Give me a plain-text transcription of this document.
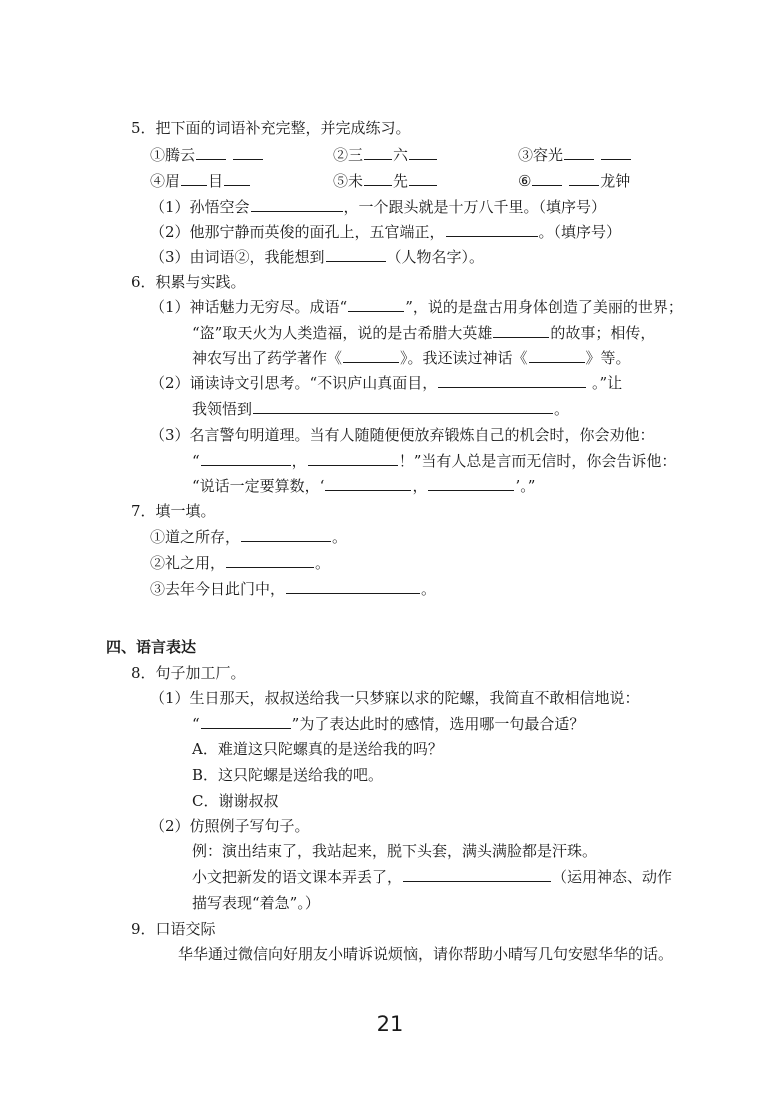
5．把下面的词语补充完整，并完成练习。
①腾云	②三 六	③容光
④眉 目	⑤未 先	⑥	龙钟
（1）孙悟空会	，一个跟头就是十万八千里。（填序号）
（2）他那宁静而英俊的面孔上，五官端正，	。（填序号）
（3）由词语②，我能想到	（人物名字）。
6．积累与实践。
（1）神话魅力无穷尽。成语“	”，说的是盘古用身体创造了美丽的世界；
“盗”取天火为人类造福，说的是古希腊大英雄	的故事；相传，
神农写出了药学著作《	》。我还读过神话《	》等。
（2）诵读诗文引思考。“不识庐山真面目，	。”让
我领悟到	。
（3）名言警句明道理。当有人随随便便放弃锻炼自己的机会时，你会劝他：
“	，	！”当有人总是言而无信时，你会告诉他：
“说话一定要算数，‘	，	’。”
7．填一填。
①道之所存，	。
②礼之用，	。
③去年今日此门中，	。
四、语言表达
8．句子加工厂。
（1）生日那天，叔叔送给我一只梦寐以求的陀螺，我简直不敢相信地说：
“	”为了表达此时的感情，选用哪一句最合适？
A．难道这只陀螺真的是送给我的吗？
B．这只陀螺是送给我的吧。
C．谢谢叔叔
（2）仿照例子写句子。
例：演出结束了，我站起来，脱下头套，满头满脸都是汗珠。
小文把新发的语文课本弄丢了，	（运用神态、动作
描写表现“着急”。）
9．口语交际
华华通过微信向好朋友小晴诉说烦恼，请你帮助小晴写几句安慰华华的话。
21
